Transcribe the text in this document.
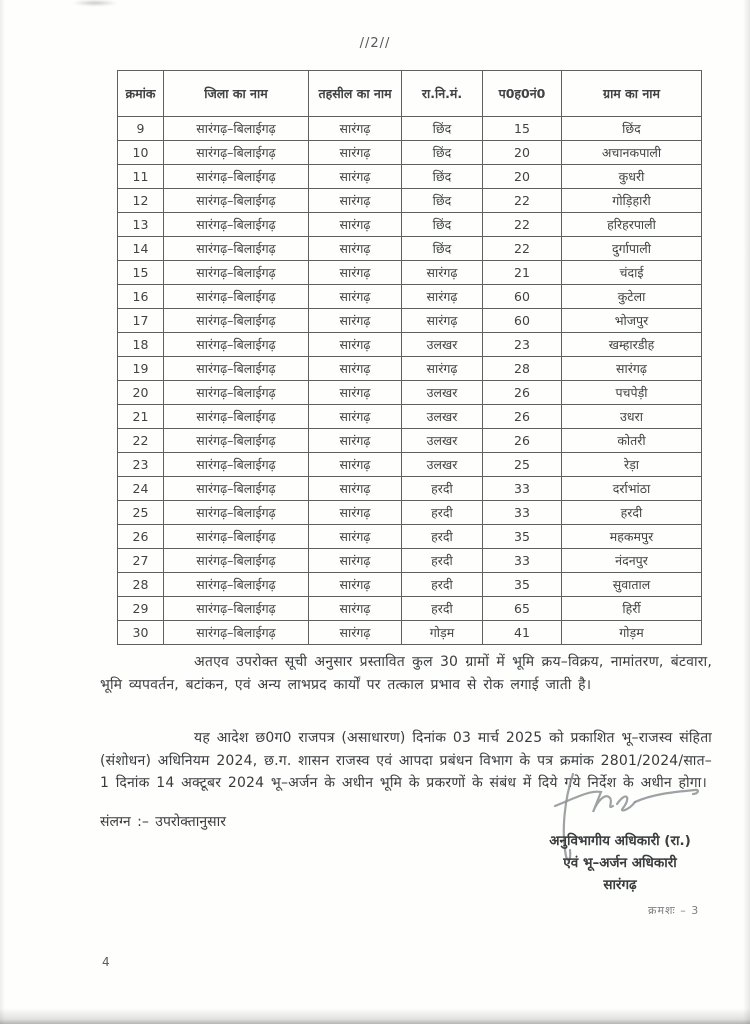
//2//
क्रमांक	जिला का नाम	तहसील का नाम	रा.नि.मं.	प0ह0नं0	ग्राम का नाम
9	सारंगढ़–बिलाईगढ़	सारंगढ़	छिंद	15	छिंद
10	सारंगढ़–बिलाईगढ़	सारंगढ़	छिंद	20	अचानकपाली
11	सारंगढ़–बिलाईगढ़	सारंगढ़	छिंद	20	कुधरी
12	सारंगढ़–बिलाईगढ़	सारंगढ़	छिंद	22	गोड़िहारी
13	सारंगढ़–बिलाईगढ़	सारंगढ़	छिंद	22	हरिहरपाली
14	सारंगढ़–बिलाईगढ़	सारंगढ़	छिंद	22	दुर्गापाली
15	सारंगढ़–बिलाईगढ़	सारंगढ़	सारंगढ़	21	चंदाई
16	सारंगढ़–बिलाईगढ़	सारंगढ़	सारंगढ़	60	कुटेला
17	सारंगढ़–बिलाईगढ़	सारंगढ़	सारंगढ़	60	भोजपुर
18	सारंगढ़–बिलाईगढ़	सारंगढ़	उलखर	23	खम्हारडीह
19	सारंगढ़–बिलाईगढ़	सारंगढ़	सारंगढ़	28	सारंगढ़
20	सारंगढ़–बिलाईगढ़	सारंगढ़	उलखर	26	पचपेड़ी
21	सारंगढ़–बिलाईगढ़	सारंगढ़	उलखर	26	उधरा
22	सारंगढ़–बिलाईगढ़	सारंगढ़	उलखर	26	कोतरी
23	सारंगढ़–बिलाईगढ़	सारंगढ़	उलखर	25	रेड़ा
24	सारंगढ़–बिलाईगढ़	सारंगढ़	हरदी	33	दर्राभांठा
25	सारंगढ़–बिलाईगढ़	सारंगढ़	हरदी	33	हरदी
26	सारंगढ़–बिलाईगढ़	सारंगढ़	हरदी	35	महकमपुर
27	सारंगढ़–बिलाईगढ़	सारंगढ़	हरदी	33	नंदनपुर
28	सारंगढ़–बिलाईगढ़	सारंगढ़	हरदी	35	सुवाताल
29	सारंगढ़–बिलाईगढ़	सारंगढ़	हरदी	65	हिर्री
30	सारंगढ़–बिलाईगढ़	सारंगढ़	गोड़म	41	गोड़म

अतएव उपरोक्त सूची अनुसार प्रस्तावित कुल 30 ग्रामों में भूमि क्रय–विक्रय, नामांतरण, बंटवारा, भूमि व्यपवर्तन, बटांकन, एवं अन्य लाभप्रद कार्यों पर तत्काल प्रभाव से रोक लगाई जाती है।

यह आदेश छ0ग0 राजपत्र (असाधारण) दिनांक 03 मार्च 2025 को प्रकाशित भू–राजस्व संहिता (संशोधन) अधिनियम 2024, छ.ग. शासन राजस्व एवं आपदा प्रबंधन विभाग के पत्र क्रमांक 2801/2024/सात–1 दिनांक 14 अक्टूबर 2024 भू–अर्जन के अधीन भूमि के प्रकरणों के संबंध में दिये गये निर्देश के अधीन होगा।

संलग्न :– उपरोक्तानुसार

अनुविभागीय अधिकारी (रा.)
एवं भू–अर्जन अधिकारी
सारंगढ़
क्रमशः – 3
4
